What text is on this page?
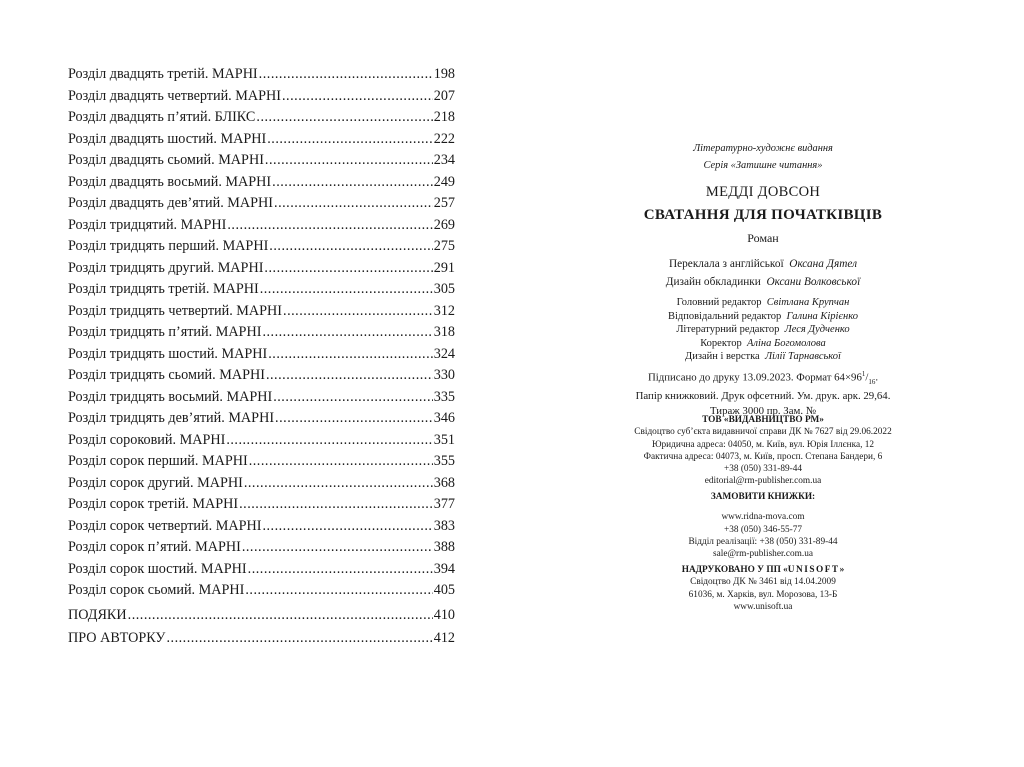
Розділ двадцять третій. МАРНІ .....	198
Розділ двадцять четвертий. МАРНІ .....	207
Розділ двадцять п’ятий. БЛІКС .....	218
Розділ двадцять шостий. МАРНІ .....	222
Розділ двадцять сьомий. МАРНІ .....	234
Розділ двадцять восьмий. МАРНІ .....	249
Розділ двадцять дев’ятий. МАРНІ .....	257
Розділ тридцятий. МАРНІ .....	269
Розділ тридцять перший. МАРНІ .....	275
Розділ тридцять другий. МАРНІ .....	291
Розділ тридцять третій. МАРНІ .....	305
Розділ тридцять четвертий. МАРНІ .....	312
Розділ тридцять п’ятий. МАРНІ .....	318
Розділ тридцять шостий. МАРНІ .....	324
Розділ тридцять сьомий. МАРНІ .....	330
Розділ тридцять восьмий. МАРНІ .....	335
Розділ тридцять дев’ятий. МАРНІ .....	346
Розділ сороковий. МАРНІ .....	351
Розділ сорок перший. МАРНІ .....	355
Розділ сорок другий. МАРНІ .....	368
Розділ сорок третій. МАРНІ .....	377
Розділ сорок четвертий. МАРНІ .....	383
Розділ сорок п’ятий. МАРНІ .....	388
Розділ сорок шостий. МАРНІ .....	394
Розділ сорок сьомий. МАРНІ .....	405
ПОДЯКИ .....	410
ПРО АВТОРКУ .....	412
Літературно-художнє видання
Серія «Затишне читання»
МЕДДІ ДОВСОН
СВАТАННЯ ДЛЯ ПОЧАТКІВЦІВ
Роман
Переклала з англійської Оксана Дятел
Дизайн обкладинки Оксани Волковської
Головний редактор Світлана Крупчан
Відповідальний редактор Галина Кірієнко
Літературний редактор Леся Дудченко
Коректор Аліна Богомолова
Дизайн і верстка Лілії Тарнавської
Підписано до друку 13.09.2023. Формат $64\times 96^1/_{16}$.
Папір книжковий. Друк офсетний. Ум. друк. арк. 29,64.
Тираж 3000 пр. Зам. №
ТОВ «ВИДАВНИЦТВО РМ»
Свідоцтво суб’єкта видавничої справи ДК № 7627 від 29.06.2022
Юридична адреса: 04050, м. Київ, вул. Юрія Іллєнка, 12
Фактична адреса: 04073, м. Київ, просп. Степана Бандери, 6
+38 (050) 331-89-44
editorial@rm-publisher.com.ua
ЗАМОВИТИ КНИЖКИ:
www.ridna-mova.com
+38 (050) 346-55-77
Відділ реалізації: +38 (050) 331-89-44
sale@rm-publisher.com.ua
НАДРУКОВАНО У ПП «UNISOFT»
Свідоцтво ДК № 3461 від 14.04.2009
61036, м. Харків, вул. Морозова, 13-Б
www.unisoft.ua
